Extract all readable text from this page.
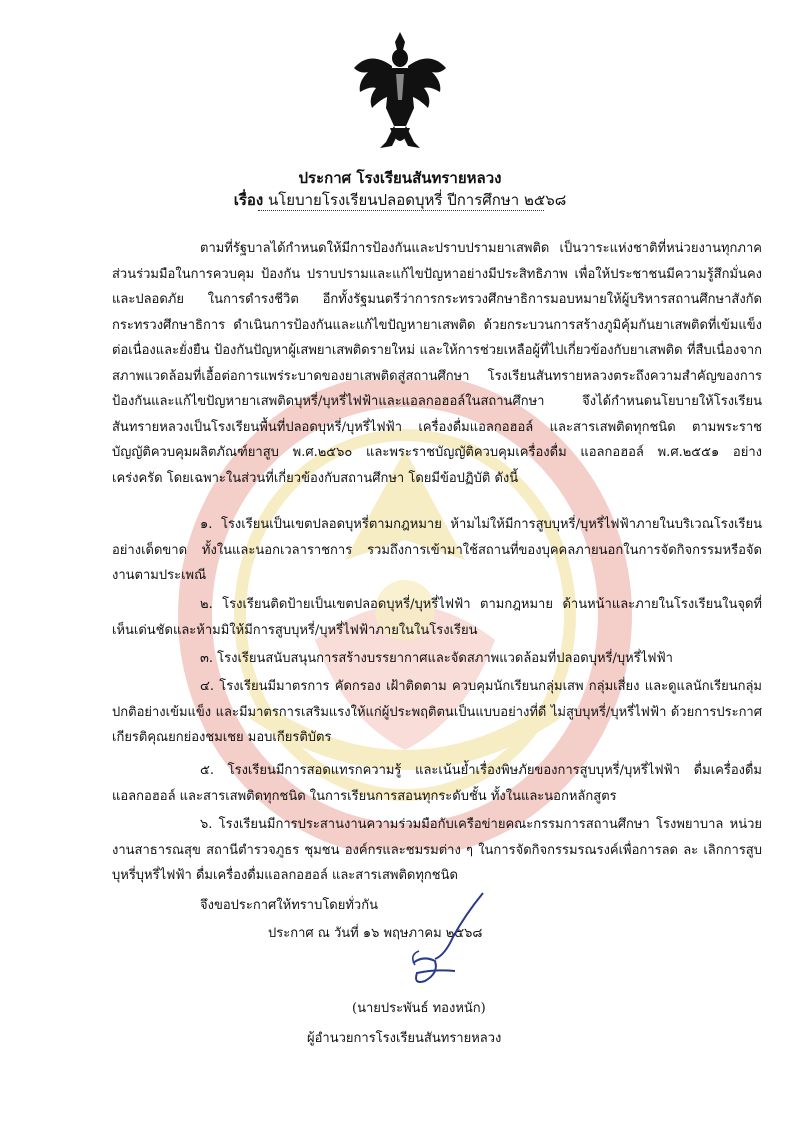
ประกาศ โรงเรียนสันทรายหลวง
เรื่อง นโยบายโรงเรียนปลอดบุหรี่ ปีการศึกษา ๒๕๖๘

ตามที่รัฐบาลได้กำหนดให้มีการป้องกันและปราบปรามยาเสพติด เป็นวาระแห่งชาติที่หน่วยงานทุกภาคส่วนร่วมมือในการควบคุม ป้องกัน ปราบปรามและแก้ไขปัญหาอย่างมีประสิทธิภาพ เพื่อให้ประชาชนมีความรู้สึกมั่นคงและปลอดภัย ในการดำรงชีวิต อีกทั้งรัฐมนตรีว่าการกระทรวงศึกษาธิการมอบหมายให้ผู้บริหารสถานศึกษาสังกัดกระทรวงศึกษาธิการ ดำเนินการป้องกันและแก้ไขปัญหายาเสพติด ด้วยกระบวนการสร้างภูมิคุ้มกันยาเสพติดที่เข้มแข็ง ต่อเนื่องและยั่งยืน ป้องกันปัญหาผู้เสพยาเสพติดรายใหม่ และให้การช่วยเหลือผู้ที่ไปเกี่ยวข้องกับยาเสพติด ที่สืบเนื่องจากสภาพแวดล้อมที่เอื้อต่อการแพร่ระบาดของยาเสพติดสู่สถานศึกษา โรงเรียนสันทรายหลวงตระถึงความสำคัญของการป้องกันและแก้ไขปัญหายาเสพติดบุหรี่/บุหรี่ไฟฟ้าและแอลกอฮอล์ในสถานศึกษา จึงได้กำหนดนโยบายให้โรงเรียนสันทรายหลวงเป็นโรงเรียนพื้นที่ปลอดบุหรี่/บุหรี่ไฟฟ้า เครื่องดื่มแอลกอฮอล์ และสารเสพติดทุกชนิด ตามพระราชบัญญัติควบคุมผลิตภัณฑ์ยาสูบ พ.ศ.๒๕๖๐ และพระราชบัญญัติควบคุมเครื่องดื่ม แอลกอฮอล์ พ.ศ.๒๕๕๑ อย่างเคร่งครัด โดยเฉพาะในส่วนที่เกี่ยวข้องกับสถานศึกษา โดยมีข้อปฏิบัติ ดังนี้

๑. โรงเรียนเป็นเขตปลอดบุหรี่ตามกฎหมาย ห้ามไม่ให้มีการสูบบุหรี่/บุหรี่ไฟฟ้าภายในบริเวณโรงเรียนอย่างเด็ดขาด ทั้งในและนอกเวลาราชการ รวมถึงการเข้ามาใช้สถานที่ของบุคคลภายนอกในการจัดกิจกรรมหรือจัดงานตามประเพณี

๒. โรงเรียนติดป้ายเป็นเขตปลอดบุหรี่/บุหรี่ไฟฟ้า ตามกฎหมาย ด้านหน้าและภายในโรงเรียนในจุดที่เห็นเด่นชัดและห้ามมิให้มีการสูบบุหรี่/บุหรี่ไฟฟ้าภายในในโรงเรียน

๓. โรงเรียนสนับสนุนการสร้างบรรยากาศและจัดสภาพแวดล้อมที่ปลอดบุหรี่/บุหรี่ไฟฟ้า

๔. โรงเรียนมีมาตรการ คัดกรอง เฝ้าติดตาม ควบคุมนักเรียนกลุ่มเสพ กลุ่มเสี่ยง และดูแลนักเรียนกลุ่มปกติอย่างเข้มแข็ง และมีมาตรการเสริมแรงให้แก่ผู้ประพฤติตนเป็นแบบอย่างที่ดี ไม่สูบบุหรี่/บุหรี่ไฟฟ้า ด้วยการประกาศเกียรติคุณยกย่องชมเชย มอบเกียรติบัตร

๕. โรงเรียนมีการสอดแทรกความรู้ และเน้นย้ำเรื่องพิษภัยของการสูบบุหรี่/บุหรี่ไฟฟ้า ดื่มเครื่องดื่มแอลกอฮอล์ และสารเสพติดทุกชนิด ในการเรียนการสอนทุกระดับชั้น ทั้งในและนอกหลักสูตร

๖. โรงเรียนมีการประสานงานความร่วมมือกับเครือข่ายคณะกรรมการสถานศึกษา โรงพยาบาล หน่วยงานสาธารณสุข สถานีตำรวจภูธร ชุมชน องค์กรและชมรมต่าง ๆ ในการจัดกิจกรรมรณรงค์เพื่อการลด ละ เลิกการสูบบุหรี่บุหรี่ไฟฟ้า ดื่มเครื่องดื่มแอลกอฮอล์ และสารเสพติดทุกชนิด

จึงขอประกาศให้ทราบโดยทั่วกัน
ประกาศ ณ วันที่ ๑๖ พฤษภาคม ๒๕๖๘
(นายประพันธ์ ทองหนัก)
ผู้อำนวยการโรงเรียนสันทรายหลวง
